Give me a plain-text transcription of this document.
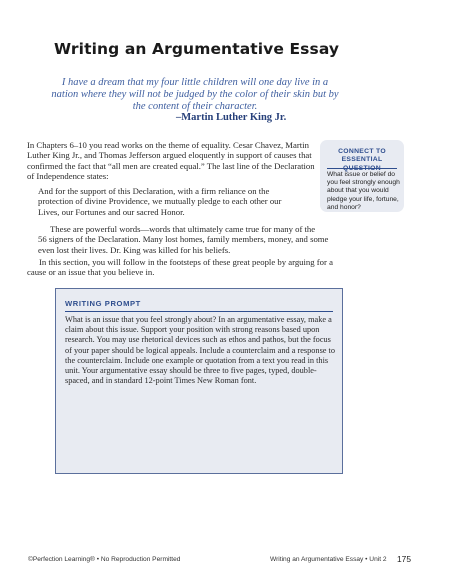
Writing an Argumentative Essay
I have a dream that my four little children will one day live in a nation where they will not be judged by the color of their skin but by the content of their character.
–Martin Luther King Jr.
In Chapters 6–10 you read works on the theme of equality. Cesar Chavez, Martin Luther King Jr., and Thomas Jefferson argued eloquently in support of causes that confirmed the fact that “all men are created equal.” The last line of the Declaration of Independence states:
And for the support of this Declaration, with a firm reliance on the protection of divine Providence, we mutually pledge to each other our Lives, our Fortunes and our sacred Honor.
These are powerful words—words that ultimately came true for many of the
56 signers of the Declaration. Many lost homes, family members, money, and some
even lost their lives. Dr. King was killed for his beliefs.
In this section, you will follow in the footsteps of these great people by arguing for a cause or an issue that you believe in.
CONNECT TO ESSENTIAL
What issue or belief do you feel strongly enough about that you would pledge your life, fortune, and honor?
WRITING PROMPT
What is an issue that you feel strongly about? In an argumentative essay, make a claim about this issue. Support your position with strong reasons based upon research. You may use rhetorical devices such as ethos and pathos, but the focus of your paper should be logical appeals. Include a counterclaim and a response to the counterclaim. Include one example or quotation from a text you read in this unit. Your argumentative essay should be three to five pages, typed, double-spaced, and in standard 12-point Times New Roman font.
©Perfection Learning® • No Reproduction Permitted	Writing an Argumentative Essay • Unit 2 175
